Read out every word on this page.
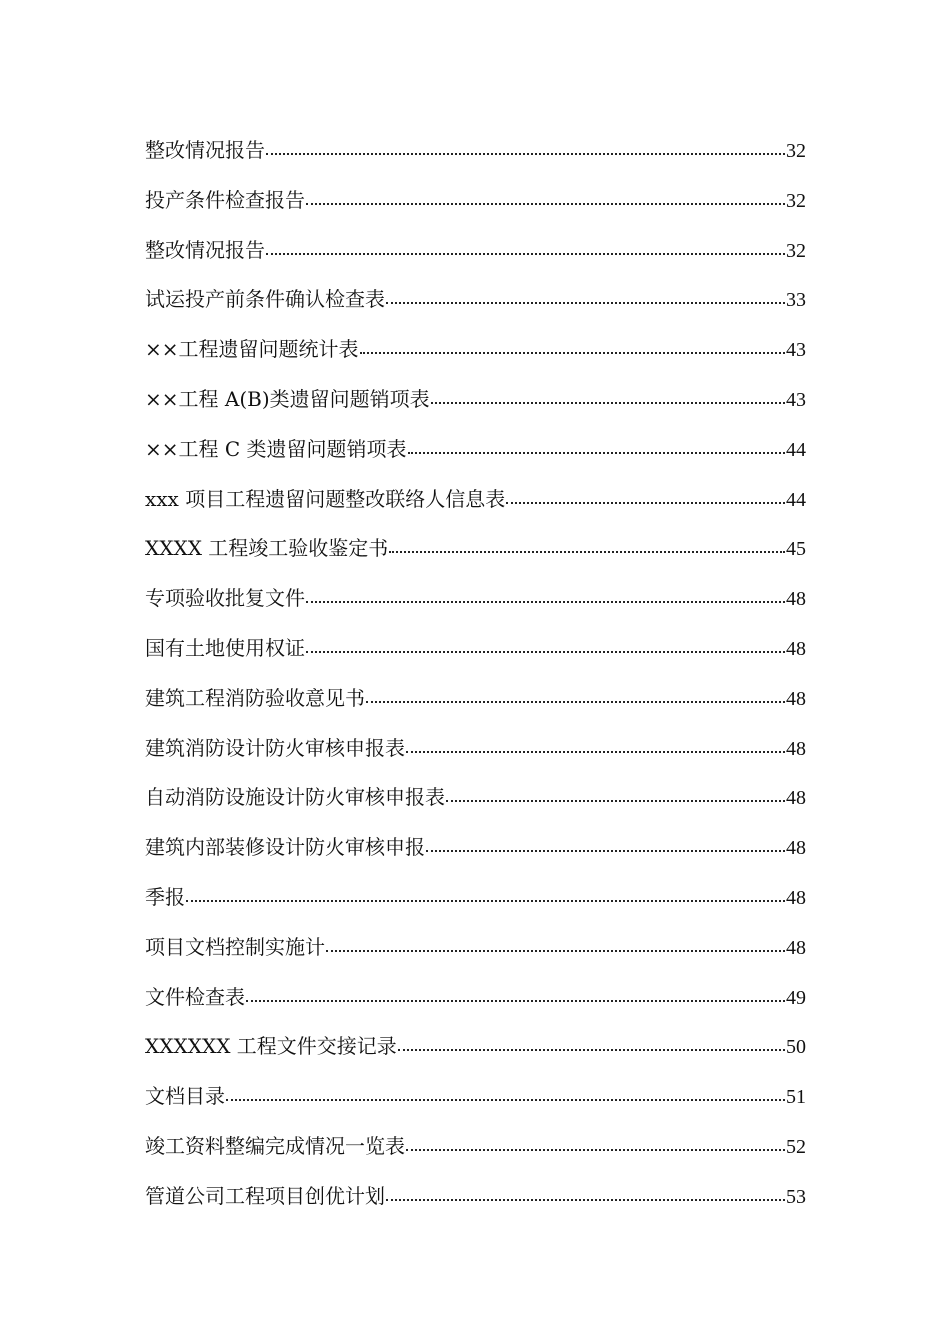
整改情况报告	32
投产条件检查报告	32
整改情况报告	32
试运投产前条件确认检查表	33
××工程遗留问题统计表	43
××工程 A(B)类遗留问题销项表	43
××工程 C 类遗留问题销项表	44
xxx 项目工程遗留问题整改联络人信息表	44
XXXX 工程竣工验收鉴定书	45
专项验收批复文件	48
国有土地使用权证	48
建筑工程消防验收意见书	48
建筑消防设计防火审核申报表	48
自动消防设施设计防火审核申报表	48
建筑内部装修设计防火审核申报	48
季报	48
项目文档控制实施计	48
文件检查表	49
XXXXXX 工程文件交接记录	50
文档目录	51
竣工资料整编完成情况一览表	52
管道公司工程项目创优计划	53
